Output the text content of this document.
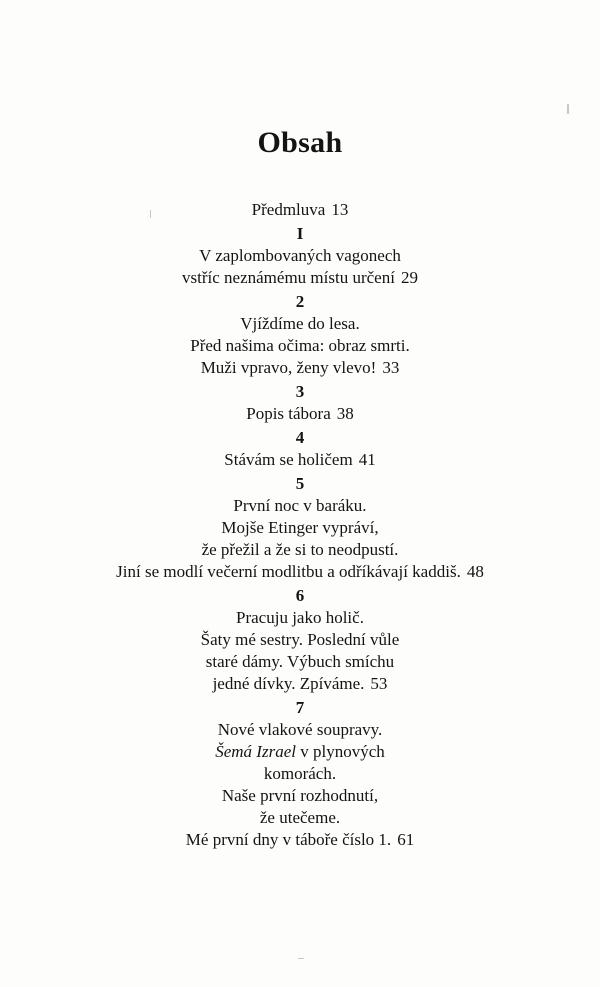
Obsah
Předmluva 13
I
V zaplombovaných vagonech
vstříc neznámému místu určení 29
2
Vjíždíme do lesa.
Před našima očima: obraz smrti.
Muži vpravo, ženy vlevo! 33
3
Popis tábora 38
4
Stávám se holičem 41
5
První noc v baráku.
Mojše Etinger vypráví,
že přežil a že si to neodpustí.
Jiní se modlí večerní modlitbu a odříkávají kaddiš. 48
6
Pracuju jako holič.
Šaty mé sestry. Poslední vůle
staré dámy. Výbuch smíchu
jedné dívky. Zpíváme. 53
7
Nové vlakové soupravy.
Šemá Izrael v plynových
komorách.
Naše první rozhodnutí,
že utečeme.
Mé první dny v táboře číslo 1. 61
